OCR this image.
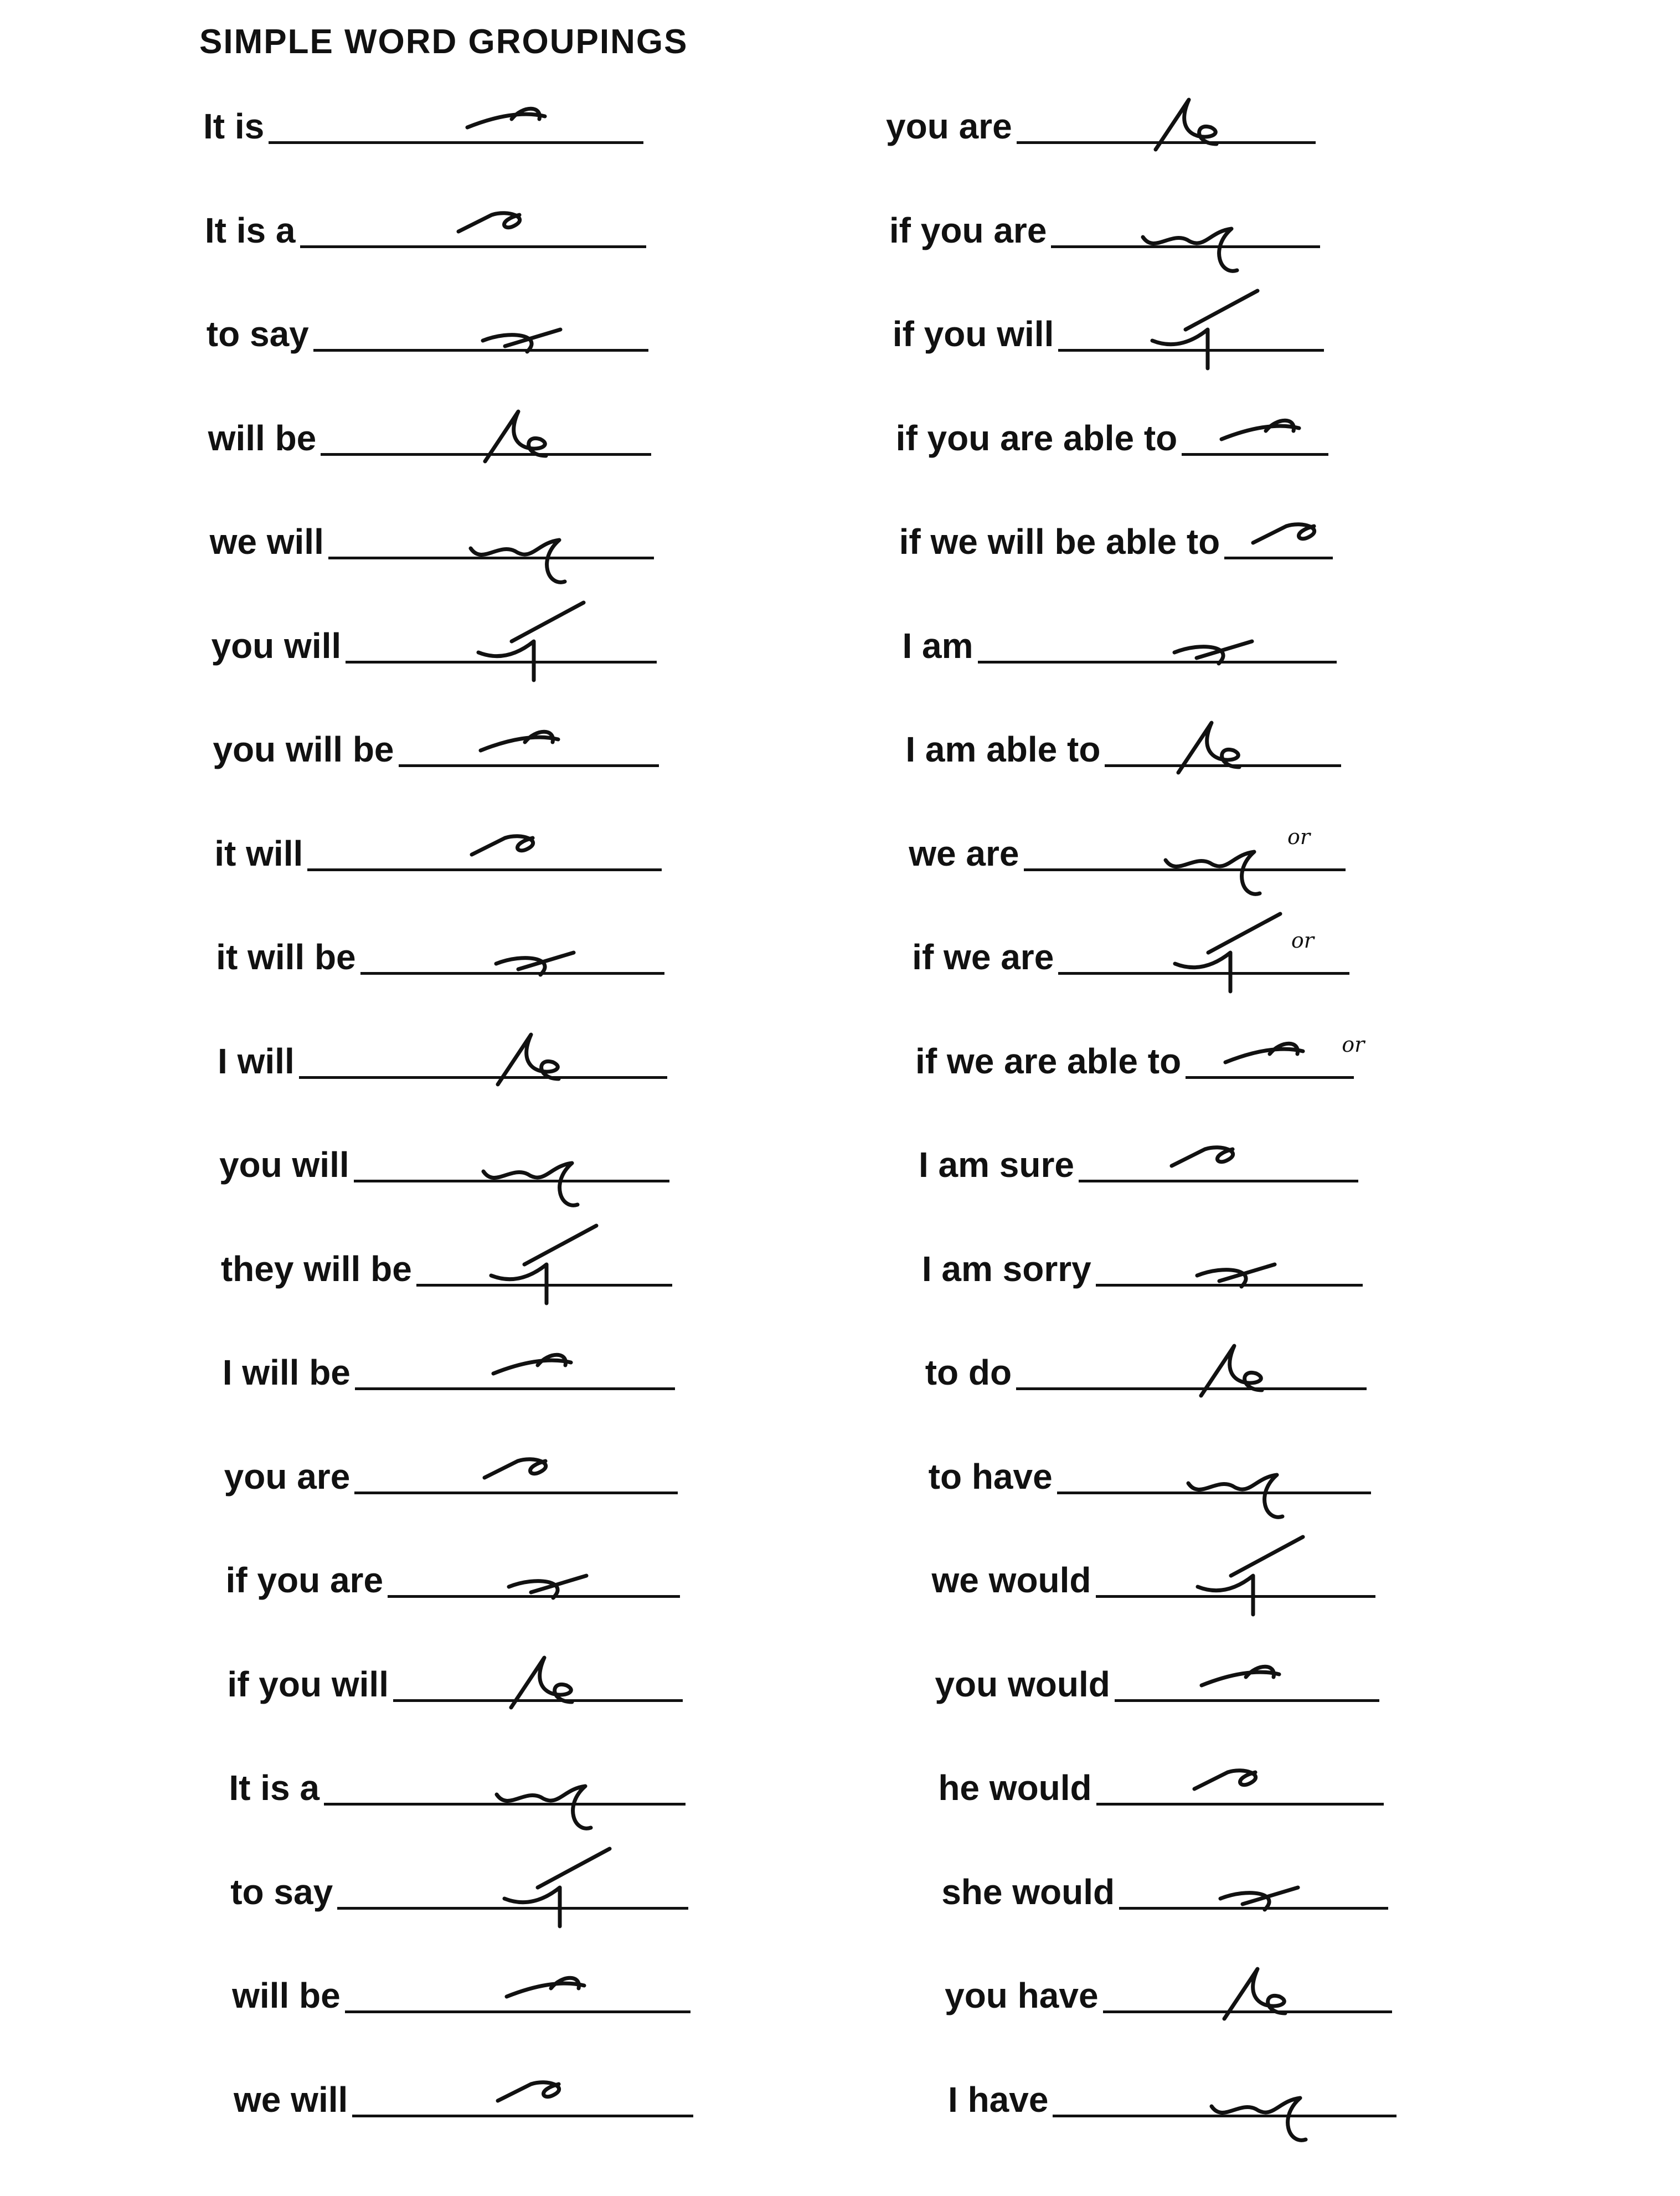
SIMPLE WORD GROUPINGS
It is
It is a
to say
will be
we will
you will
you will be
it will
it will be
I will
you will
they will be
I will be
you are
if you are
if you will
It is a
to say
will be
we will
you are
if you are
if you will
if you are able to
if we will be able to
I am
I am able to
we are	or
if we are	or
if we are able to	or
I am sure
I am sorry
to do
to have
we would
you would
he would
she would
you have
I have
